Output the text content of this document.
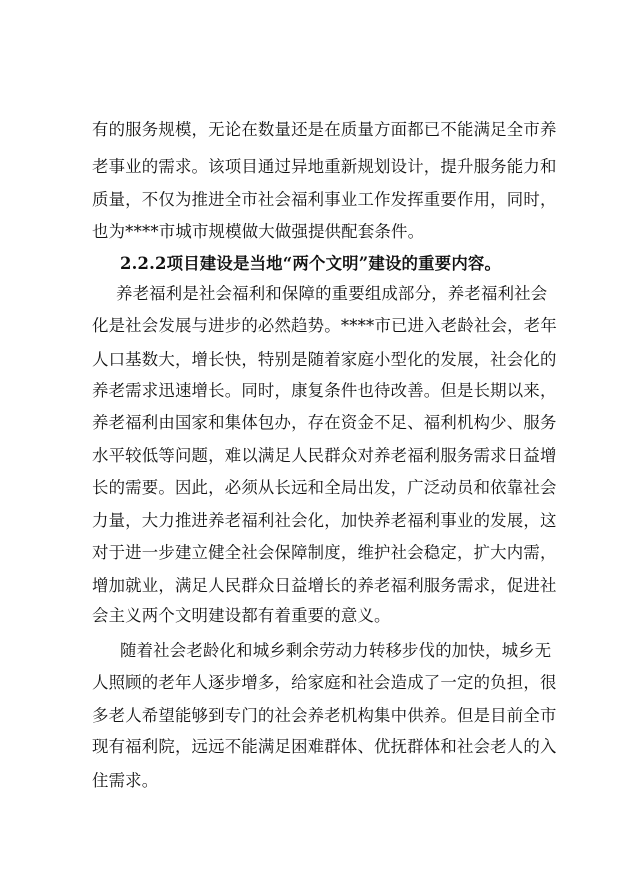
有的服务规模，无论在数量还是在质量方面都已不能满足全市养
老事业的需求。该项目通过异地重新规划设计，提升服务能力和
质量，不仅为推进全市社会福利事业工作发挥重要作用，同时，
也为****市城市规模做大做强提供配套条件。
2.2.2项目建设是当地“两个文明”建设的重要内容。
养老福利是社会福利和保障的重要组成部分，养老福利社会
化是社会发展与进步的必然趋势。****市已进入老龄社会，老年
人口基数大，增长快，特别是随着家庭小型化的发展，社会化的
养老需求迅速增长。同时，康复条件也待改善。但是长期以来，
养老福利由国家和集体包办，存在资金不足、福利机构少、服务
水平较低等问题，难以满足人民群众对养老福利服务需求日益增
长的需要。因此，必须从长远和全局出发，广泛动员和依靠社会
力量，大力推进养老福利社会化，加快养老福利事业的发展，这
对于进一步建立健全社会保障制度，维护社会稳定，扩大内需，
增加就业，满足人民群众日益增长的养老福利服务需求，促进社
会主义两个文明建设都有着重要的意义。
随着社会老龄化和城乡剩余劳动力转移步伐的加快，城乡无
人照顾的老年人逐步增多，给家庭和社会造成了一定的负担，很
多老人希望能够到专门的社会养老机构集中供养。但是目前全市
现有福利院，远远不能满足困难群体、优抚群体和社会老人的入
住需求。
